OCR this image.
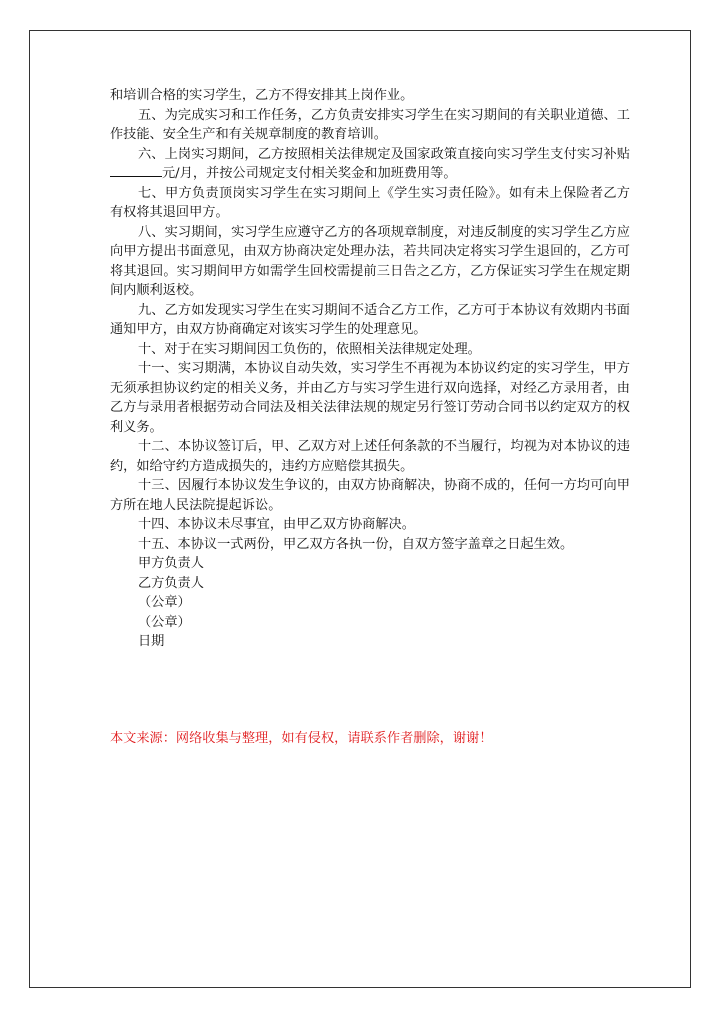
和培训合格的实习学生，乙方不得安排其上岗作业。

五、为完成实习和工作任务，乙方负责安排实习学生在实习期间的有关职业道德、工作技能、安全生产和有关规章制度的教育培训。

六、上岗实习期间，乙方按照相关法律规定及国家政策直接向实习学生支付实习补贴元/月，并按公司规定支付相关奖金和加班费用等。

七、甲方负责顶岗实习学生在实习期间上《学生实习责任险》。如有未上保险者乙方有权将其退回甲方。

八、实习期间，实习学生应遵守乙方的各项规章制度，对违反制度的实习学生乙方应向甲方提出书面意见，由双方协商决定处理办法，若共同决定将实习学生退回的，乙方可将其退回。实习期间甲方如需学生回校需提前三日告之乙方，乙方保证实习学生在规定期间内顺利返校。

九、乙方如发现实习学生在实习期间不适合乙方工作，乙方可于本协议有效期内书面通知甲方，由双方协商确定对该实习学生的处理意见。

十、对于在实习期间因工负伤的，依照相关法律规定处理。

十一、实习期满，本协议自动失效，实习学生不再视为本协议约定的实习学生，甲方无须承担协议约定的相关义务，并由乙方与实习学生进行双向选择，对经乙方录用者，由乙方与录用者根据劳动合同法及相关法律法规的规定另行签订劳动合同书以约定双方的权利义务。

十二、本协议签订后，甲、乙双方对上述任何条款的不当履行，均视为对本协议的违约，如给守约方造成损失的，违约方应赔偿其损失。

十三、因履行本协议发生争议的，由双方协商解决，协商不成的，任何一方均可向甲方所在地人民法院提起诉讼。

十四、本协议未尽事宜，由甲乙双方协商解决。

十五、本协议一式两份，甲乙双方各执一份，自双方签字盖章之日起生效。

甲方负责人

乙方负责人

（公章）

（公章）

日期

本文来源：网络收集与整理，如有侵权，请联系作者删除，谢谢！
